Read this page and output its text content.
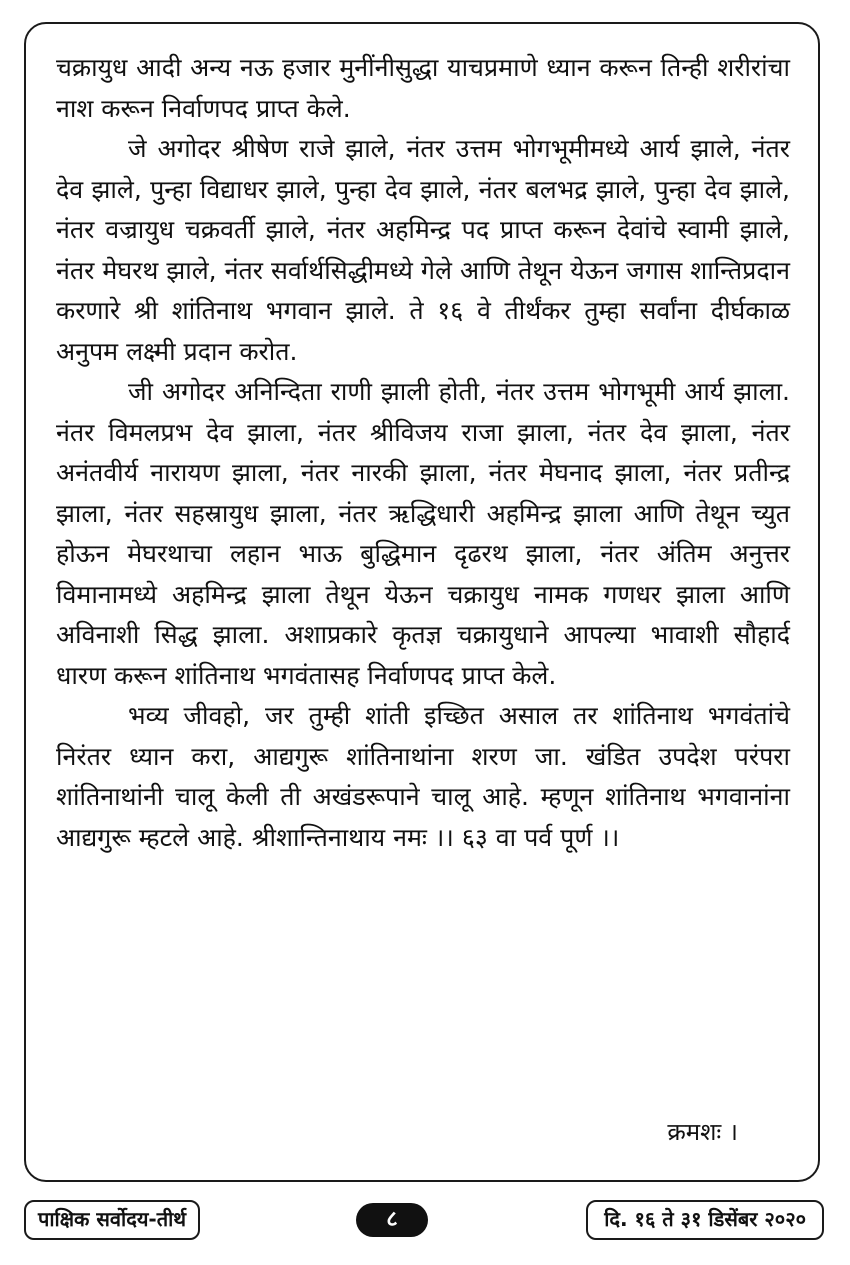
चक्रायुध आदी अन्य नऊ हजार मुनींनीसुद्धा याचप्रमाणे ध्यान करून तिन्ही शरीरांचा नाश करून निर्वाणपद प्राप्त केले.

जे अगोदर श्रीषेण राजे झाले, नंतर उत्तम भोगभूमीमध्ये आर्य झाले, नंतर देव झाले, पुन्हा विद्याधर झाले, पुन्हा देव झाले, नंतर बलभद्र झाले, पुन्हा देव झाले, नंतर वज्रायुध चक्रवर्ती झाले, नंतर अहमिन्द्र पद प्राप्त करून देवांचे स्वामी झाले, नंतर मेघरथ झाले, नंतर सर्वार्थसिद्धीमध्ये गेले आणि तेथून येऊन जगास शान्तिप्रदान करणारे श्री शांतिनाथ भगवान झाले. ते १६ वे तीर्थंकर तुम्हा सर्वांना दीर्घकाळ अनुपम लक्ष्मी प्रदान करोत.

जी अगोदर अनिन्दिता राणी झाली होती, नंतर उत्तम भोगभूमी आर्य झाला. नंतर विमलप्रभ देव झाला, नंतर श्रीविजय राजा झाला, नंतर देव झाला, नंतर अनंतवीर्य नारायण झाला, नंतर नारकी झाला, नंतर मेघनाद झाला, नंतर प्रतीन्द्र झाला, नंतर सहस्रायुध झाला, नंतर ऋद्धिधारी अहमिन्द्र झाला आणि तेथून च्युत होऊन मेघरथाचा लहान भाऊ बुद्धिमान दृढरथ झाला, नंतर अंतिम अनुत्तर विमानामध्ये अहमिन्द्र झाला तेथून येऊन चक्रायुध नामक गणधर झाला आणि अविनाशी सिद्ध झाला. अशाप्रकारे कृतज्ञ चक्रायुधाने आपल्या भावाशी सौहार्द धारण करून शांतिनाथ भगवंतासह निर्वाणपद प्राप्त केले.

भव्य जीवहो, जर तुम्ही शांती इच्छित असाल तर शांतिनाथ भगवंतांचे निरंतर ध्यान करा, आद्यगुरू शांतिनाथांना शरण जा. खंडित उपदेश परंपरा शांतिनाथांनी चालू केली ती अखंडरूपाने चालू आहे. म्हणून शांतिनाथ भगवानांना आद्यगुरू म्हटले आहे. श्रीशान्तिनाथाय नमः ।। ६३ वा पर्व पूर्ण ।।

क्रमशः ।
पाक्षिक सर्वोदय-तीर्थ	८	दि. १६ ते ३१ डिसेंबर २०२०
